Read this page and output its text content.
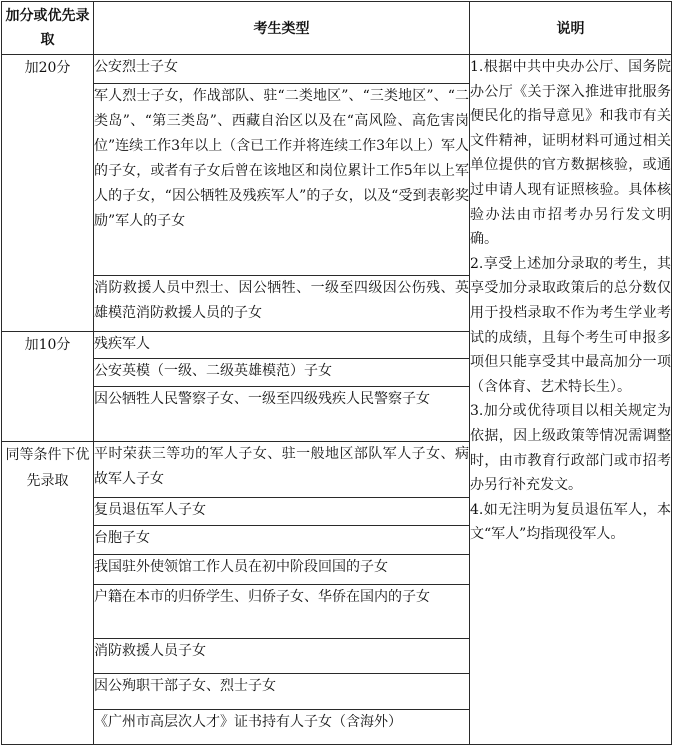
加分或优先录取	考生类型	说明
加20分	公安烈士子女	1.根据中共中央办公厅、国务院办公厅《关于深入推进审批服务便民化的指导意见》和我市有关文件精神，证明材料可通过相关单位提供的官方数据核验，或通过申请人现有证照核验。具体核验办法由市招考办另行发文明确。

2.享受上述加分录取的考生，其享受加分录取政策后的总分数仅用于投档录取不作为考生学业考试的成绩，且每个考生可申报多项但只能享受其中最高加分一项（含体育、艺术特长生）。

3.加分或优待项目以相关规定为依据，因上级政策等情况需调整时，由市教育行政部门或市招考办另行补充发文。

4.如无注明为复员退伍军人，本文“军人”均指现役军人。

	军人烈士子女，作战部队、驻“二类地区”、“三类地区”、“二类岛”、“第三类岛”、西藏自治区以及在“高风险、高危害岗位”连续工作3年以上（含已工作并将连续工作3年以上）军人的子女，或者有子女后曾在该地区和岗位累计工作5年以上军人的子女，“因公牺牲及残疾军人”的子女，以及“受到表彰奖励”军人的子女	
	消防救援人员中烈士、因公牺牲、一级至四级因公伤残、英雄模范消防救援人员的子女	
加10分	残疾军人	
	公安英模（一级、二级英雄模范）子女	
	因公牺牲人民警察子女、一级至四级残疾人民警察子女	
同等条件下优先录取	平时荣获三等功的军人子女、驻一般地区部队军人子女、病故军人子女	
	复员退伍军人子女	
	台胞子女	
	我国驻外使领馆工作人员在初中阶段回国的子女	
	户籍在本市的归侨学生、归侨子女、华侨在国内的子女	
	消防救援人员子女	
	因公殉职干部子女、烈士子女	
	《广州市高层次人才》证书持有人子女（含海外）	
